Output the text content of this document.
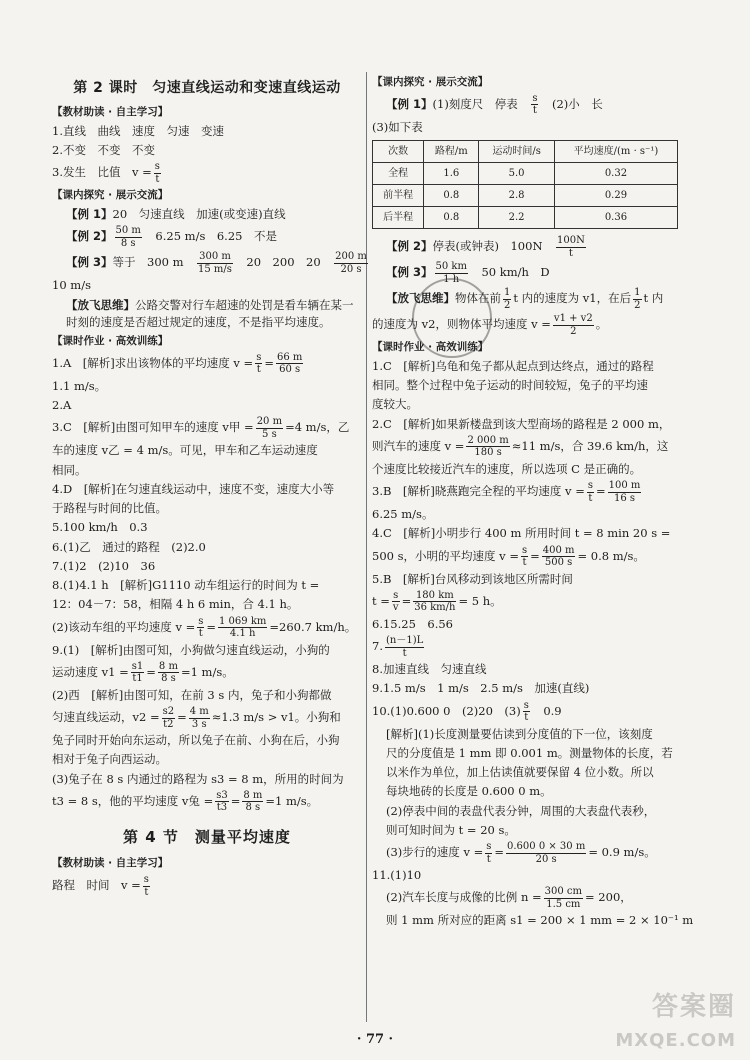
第 2 课时　匀速直线运动和变速直线运动
【教材助读 · 自主学习】
1.直线　曲线　速度　匀速　变速
2.不变　不变　不变
3.发生　比值　$v = \frac{s}{t}$
【课内探究 · 展示交流】
【例 1】20　匀速直线　加速(或变速)直线
【例 2】 $\frac{50 m}{8 s}$
　 6.25 m/s　6.25　不是
【例 3】等于　300 m　 $\frac{300 m}{15 m/s}$
　 20　200　20　 $\frac{200 m}{20 s}$
10 m/s
【放飞思维】公路交警对行车超速的处罚是看车辆在某一时刻的速度是否超过规定的速度，不是指平均速度。
【课时作业 · 高效训练】
1.A　[解析]求出该物体的平均速度 $v = \frac{s}{t} = \frac{66 m}{60 s}$
1.1 m/s。
2.A
3.C　[解析]由图可知甲车的速度 v甲 = $\frac{20 m}{5 s} =4$ m/s，乙
车的速度 v乙 = 4 m/s。可见，甲车和乙车运动速度
相同。
4.D　[解析]在匀速直线运动中，速度不变，速度大小等
于路程与时间的比值。
5.100 km/h　0.3
6.(1)乙　通过的路程　 (2)2.0
7.(1)2　(2)10　36
8.(1)4.1 h　[解析]G1110 动车组运行的时间为 t =
12：04－7：58，相隔 4 h 6 min，合 4.1 h。
(2)该动车组的平均速度 $v = \frac{s}{t} = \frac{1 069 km}{4.1 h} =260.7$ km/h。
9.(1)　[解析]由图可知，小狗做匀速直线运动，小狗的
运动速度 $v1 = \frac{s1}{t1} = \frac{8 m}{8 s} =1$ m/s。
(2)西　[解析]由图可知，在前 3 s 内，兔子和小狗都做
匀速直线运动，$v2 = \frac{s2}{t2} = \frac{4 m}{3 s} \approx 1.3$ m/s > v1。小狗和
兔子同时开始向东运动，所以兔子在前、小狗在后，小狗
相对于兔子向西运动。
(3)兔子在 8 s 内通过的路程为 s3 = 8 m，所用的时间为
t3 = 8 s，他的平均速度 v兔 = $\frac{s3}{t3} = \frac{8 m}{8 s} =1$ m/s。
第 4 节　测量平均速度
【教材助读 · 自主学习】
路程　时间　$v = \frac{s}{t}$
【课内探究 · 展示交流】
【例 1】(1)刻度尺　停表　 $\frac{s}{t}$
　 (2)小　长
(3)如下表
次数	路程/m	运动时间/s	平均速度/(m · s⁻¹)
全程	1.6	5.0	0.32
前半程	0.8	2.8	0.29
后半程	0.8	2.2	0.36
【例 2】停表(或钟表)　100N　 $\frac{100N}{t}$
【例 3】 $\frac{50 km}{1 h}$
　 50 km/h　D
【放飞思维】物体在前 $\frac{1}{2}$ t 内的速度为 v1，在后 $\frac{1}{2}$ t 内
的速度为 v2，则物体平均速度 $v = \frac{v1 + v2}{2}$ 。
【课时作业 · 高效训练】
1.C　[解析]乌龟和兔子都从起点到达终点，通过的路程
相同。整个过程中兔子运动的时间较短，兔子的平均速
度较大。
2.C　[解析]如果新楼盘到该大型商场的路程是 2 000 m，
则汽车的速度 $v = \frac{2 000 m}{180 s} \approx 11$ m/s，合 39.6 km/h，这
个速度比较接近汽车的速度，所以选项 C 是正确的。
3.B　[解析]晓燕跑完全程的平均速度 $v = \frac{s}{t} = \frac{100 m}{16 s}$
6.25 m/s。
4.C　[解析]小明步行 400 m 所用时间 t = 8 min 20 s =
500 s，小明的平均速度 $v = \frac{s}{t} = \frac{400 m}{500 s} = 0.8$ m/s。
5.B　[解析]台风移动到该地区所需时间
$t = \frac{s}{v} = \frac{180 km}{36 km/h} = 5$ h。
6.15.25　6.56
7. $\frac{(n-1)L}{t}$
8.加速直线　匀速直线
9.1.5 m/s　1 m/s　2.5 m/s　加速(直线)
10.(1)0.600 0　(2)20　$(3) \frac{s}{t}$
　 0.9
[解析](1)长度测量要估读到分度值的下一位，该刻度
尺的分度值是 1 mm 即 0.001 m。测量物体的长度，若
以米作为单位，加上估读值就要保留 4 位小数。所以
每块地砖的长度是 0.600 0 m。
(2)停表中间的表盘代表分钟，周围的大表盘代表秒，
则可知时间为 t = 20 s。
(3)步行的速度 $v = \frac{s}{t} = \frac{0.600 0 \times 30 m}{20 s} = 0.9$ m/s。
11.(1)10
(2)汽车长度与成像的比例 $n = \frac{300 cm}{1.5 cm} = 200$，
则 1 mm 所对应的距离 s1 = 200 × 1 mm = 2 × 10⁻¹ m
· 77 ·
答案圈
MXQE.COM
